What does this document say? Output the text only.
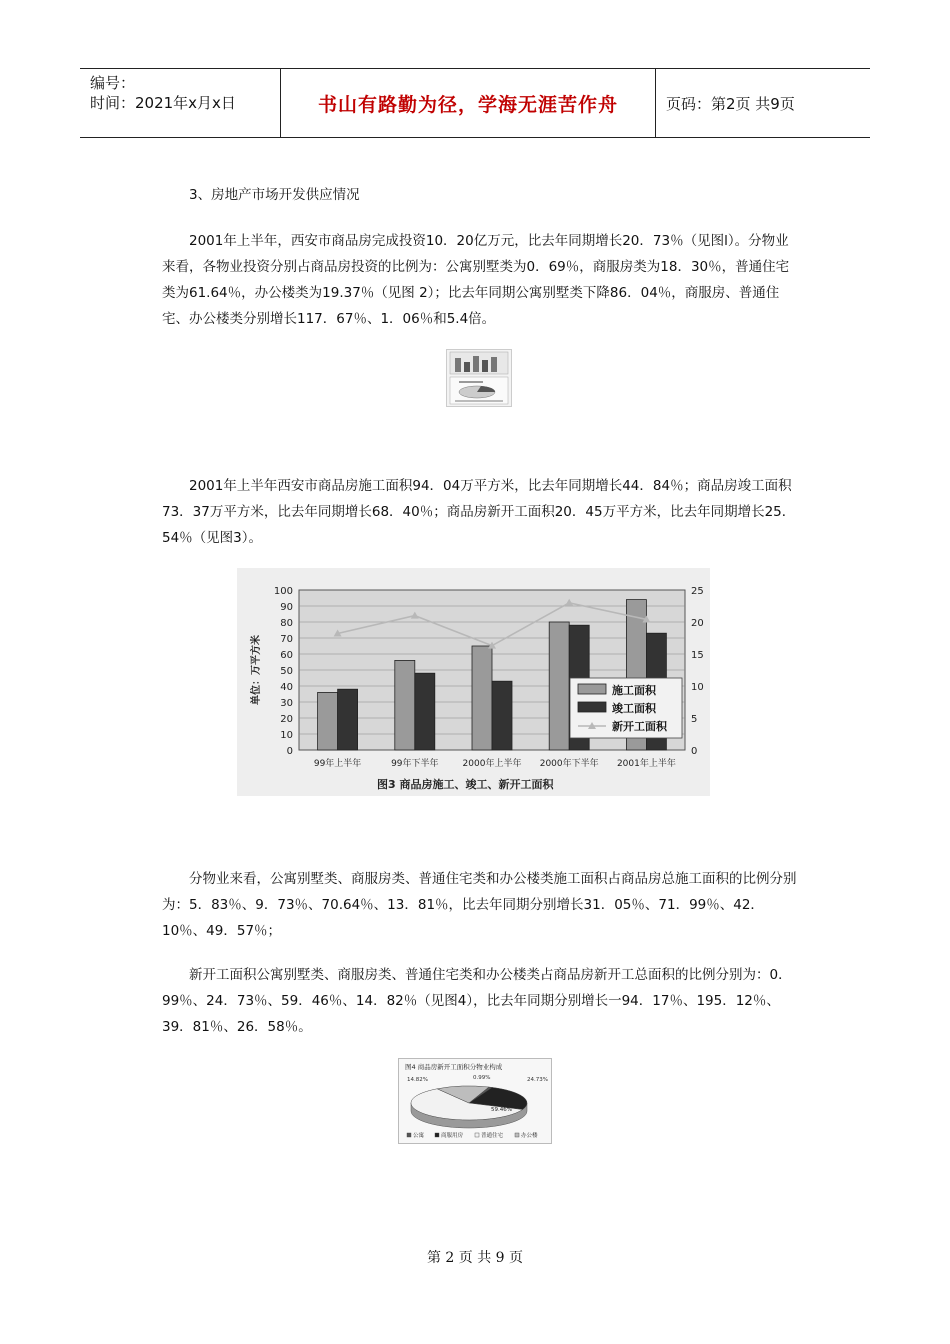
编号：
时间：2021年x月x日	书山有路勤为径，学海无涯苦作舟	页码：第2页 共9页

3、房地产市场开发供应情况

2001年上半年，西安市商品房完成投资10．20亿万元，比去年同期增长20．73％（见图l）。分物业来看，各物业投资分别占商品房投资的比例为：公寓别墅类为0．69％，商服房类为18．30％，普通住宅类为61.64％，办公楼类为19.37％（见图 2）；比去年同期公寓别墅类下降86．04％，商服房、普通住宅、办公楼类分别增长117．67％、1．06％和5.4倍。

2001年上半年西安市商品房施工面积94．04万平方米，比去年同期增长44．84％；商品房竣工面积73．37万平方米，比去年同期增长68．40％；商品房新开工面积20．45万平方米，比去年同期增长25．54％（见图3）。

0
10
20
30
40
50
60
70
80
90
100
0
5
10
15
20
25
单位：万平方米
99年上半年	99年下半年	2000年上半年 2000年下半年 2001年上半年
施工面积
竣工面积
新开工面积
图3 商品房施工、竣工、新开工面积

分物业来看，公寓别墅类、商服房类、普通住宅类和办公楼类施工面积占商品房总施工面积的比例分别为：5．83％、9．73％、70.64％、13．81％，比去年同期分别增长31．05％、71．99％、42．10％、49．57％；

新开工面积公寓别墅类、商服房类、普通住宅类和办公楼类占商品房新开工总面积的比例分别为：0．99％、24．73％、59．46％、14．82％（见图4），比去年同期分别增长一94．17％、195．12％、39．81％、26．58％。

图4 商品房新开工面积分物业构成
0.99%	24.73%
59.46%
14.82%
公寓	商服用房	普通住宅	办公楼
第 2 页 共 9 页
